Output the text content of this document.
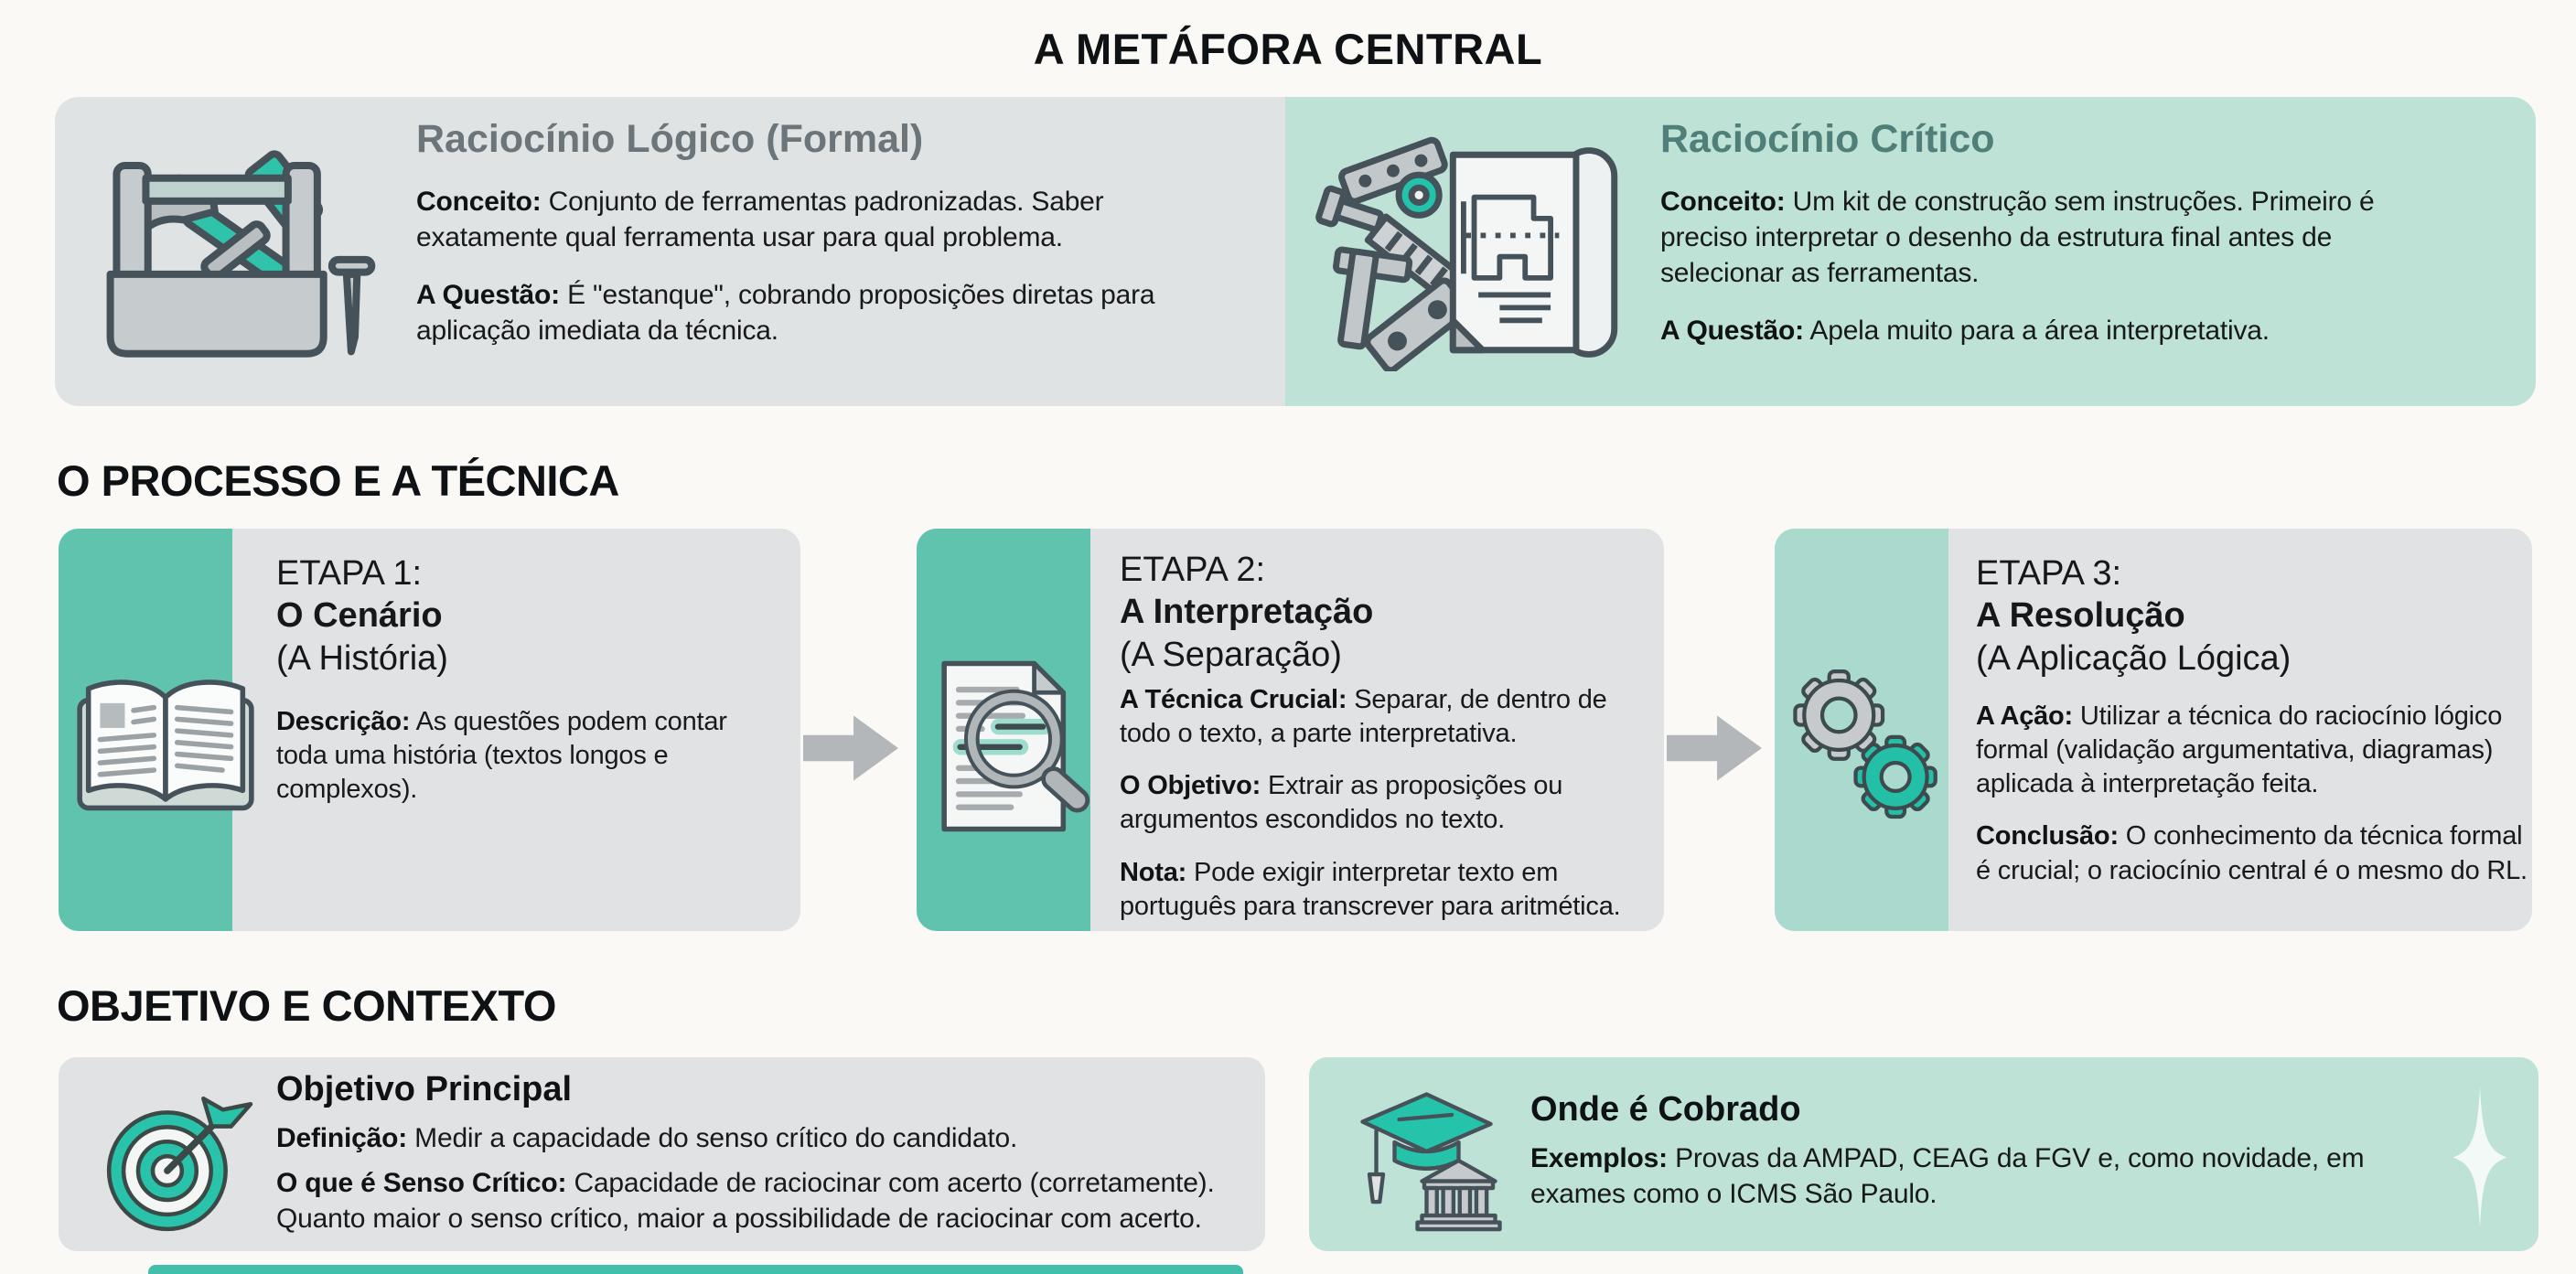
A METÁFORA CENTRAL
Raciocínio Lógico (Formal)

Conceito: Conjunto de ferramentas padronizadas. Saber exatamente qual ferramenta usar para qual problema.

A Questão: É "estanque", cobrando proposições diretas para aplicação imediata da técnica.

Raciocínio Crítico

Conceito: Um kit de construção sem instruções. Primeiro é preciso interpretar o desenho da estrutura final antes de selecionar as ferramentas.

A Questão: Apela muito para a área interpretativa.

O PROCESSO E A TÉCNICA
ETAPA 1:
O Cenário
(A História)

Descrição: As questões podem contar toda uma história (textos longos e complexos).

ETAPA 2:
A Interpretação
(A Separação)

A Técnica Crucial: Separar, de dentro de todo o texto, a parte interpretativa.

O Objetivo: Extrair as proposições ou argumentos escondidos no texto.

Nota: Pode exigir interpretar texto em português para transcrever para aritmética.

ETAPA 3:
A Resolução
(A Aplicação Lógica)

A Ação: Utilizar a técnica do raciocínio lógico formal (validação argumentativa, diagramas) aplicada à interpretação feita.

Conclusão: O conhecimento da técnica formal é crucial; o raciocínio central é o mesmo do RL.

OBJETIVO E CONTEXTO
Objetivo Principal

Definição: Medir a capacidade do senso crítico do candidato.

O que é Senso Crítico: Capacidade de raciocinar com acerto (corretamente). Quanto maior o senso crítico, maior a possibilidade de raciocinar com acerto.

Onde é Cobrado

Exemplos: Provas da AMPAD, CEAG da FGV e, como novidade, em exames como o ICMS São Paulo.
